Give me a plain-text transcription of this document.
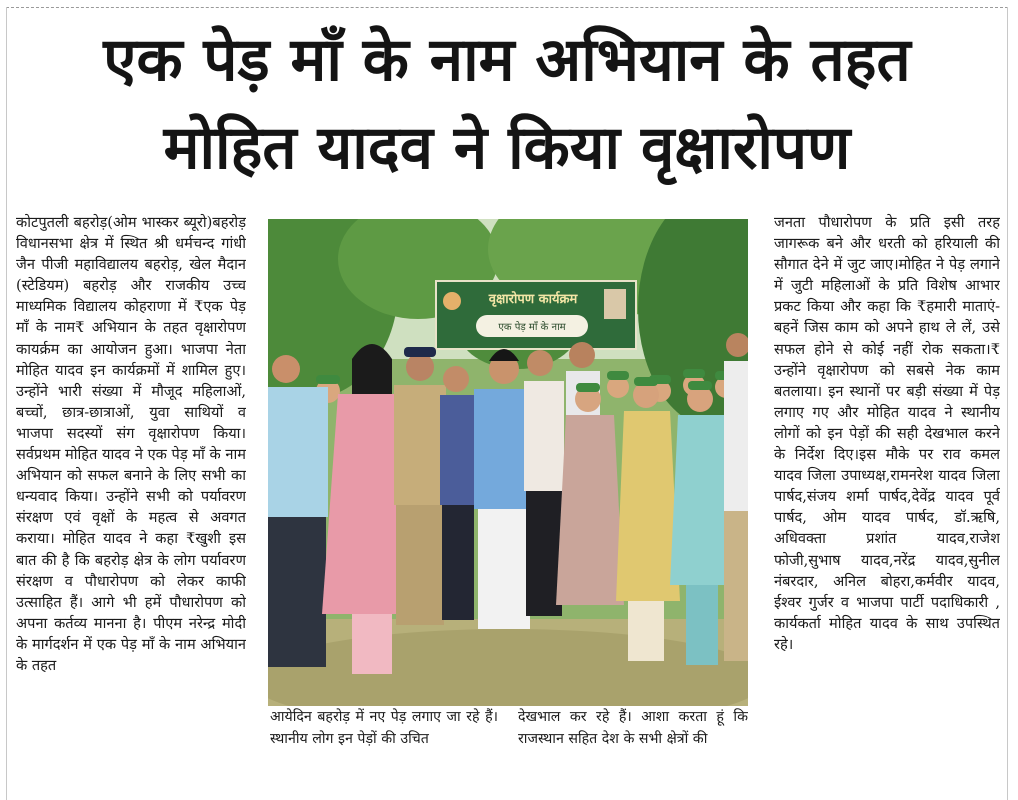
एक पेड़ माँ के नाम अभियान के तहत
मोहित यादव ने किया वृक्षारोपण
कोटपुतली बहरोड़(ओम भास्कर ब्यूरो)बहरोड़ विधानसभा क्षेत्र में स्थित श्री धर्मचन्द गांधी जैन पीजी महाविद्यालय बहरोड़, खेल मैदान (स्टेडियम) बहरोड़ और राजकीय उच्च माध्यमिक विद्यालय कोहराणा में ₹एक पेड़ माँ के नाम₹ अभियान के तहत वृक्षारोपण कायर्क्रम का आयोजन हुआ। भाजपा नेता मोहित यादव इन कार्यक्रमों में शामिल हुए। उन्होंने भारी संख्या में मौजूद महिलाओं, बच्चों, छात्र-छात्राओं, युवा साथियों व भाजपा सदस्यों संग वृक्षारोपण किया।सर्वप्रथम मोहित यादव ने एक पेड़ माँ के नाम अभियान को सफल बनाने के लिए सभी का धन्यवाद किया। उन्होंने सभी को पर्यावरण संरक्षण एवं वृक्षों के महत्व से अवगत कराया। मोहित यादव ने कहा ₹खुशी इस बात की है कि बहरोड़ क्षेत्र के लोग पर्यावरण संरक्षण व पौधारोपण को लेकर काफी उत्साहित हैं। आगे भी हमें पौधारोपण को अपना कर्तव्य मानना है। पीएम नरेन्द्र मोदी के मार्गदर्शन में एक पेड़ माँ के नाम अभियान के तहत
वृक्षारोपण कार्यक्रम
एक पेड़ माँ के नाम
आयेदिन बहरोड़ में नए पेड़ लगाए जा रहे हैं। स्थानीय लोग इन पेड़ों की उचित
देखभाल कर रहे हैं। आशा करता हूं कि राजस्थान सहित देश के सभी क्षेत्रों की
जनता पौधारोपण के प्रति इसी तरह जागरूक बने और धरती को हरियाली की सौगात देने में जुट जाए।मोहित ने पेड़ लगाने में जुटी महिलाओं के प्रति विशेष आभार प्रकट किया और कहा कि ₹हमारी माताएं-बहनें जिस काम को अपने हाथ ले लें, उसे सफल होने से कोई नहीं रोक सकता।₹ उन्होंने वृक्षारोपण को सबसे नेक काम बतलाया। इन स्थानों पर बड़ी संख्या में पेड़ लगाए गए और मोहित यादव ने स्थानीय लोगों को इन पेड़ों की सही देखभाल करने के निर्देश दिए।इस मौके पर राव कमल यादव जिला उपाध्यक्ष,रामनरेश यादव जिला पार्षद,संजय शर्मा पार्षद,देवेंद्र यादव पूर्व पार्षद, ओम यादव पार्षद, डॉ.ऋषि, अधिवक्ता प्रशांत यादव,राजेश फोजी,सुभाष यादव,नरेंद्र यादव,सुनील नंबरदार, अनिल बोहरा,कर्मवीर यादव, ईश्वर गुर्जर व भाजपा पार्टी पदाधिकारी , कार्यकर्ता मोहित यादव के साथ उपस्थित रहे।
